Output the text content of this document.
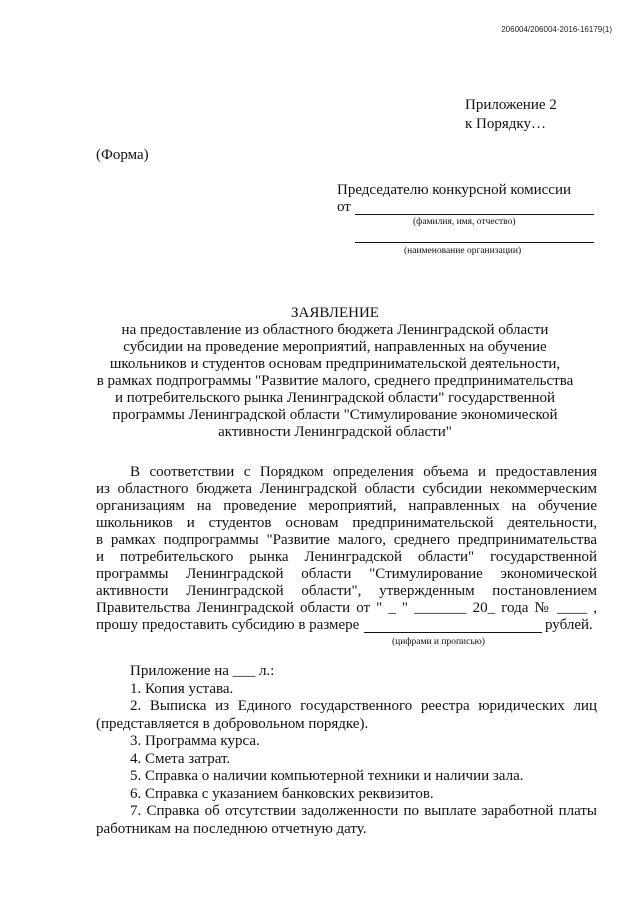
206004/206004-2016-16179(1)
Приложение 2
к Порядку…
(Форма)
Председателю конкурсной комиссии
от
(фамилия, имя, отчество)
(наименование организации)
ЗАЯВЛЕНИЕ
на предоставление из областного бюджета Ленинградской области
субсидии на проведение мероприятий, направленных на обучение
школьников и студентов основам предпринимательской деятельности,
в рамках подпрограммы "Развитие малого, среднего предпринимательства
и потребительского рынка Ленинградской области" государственной
программы Ленинградской области "Стимулирование экономической
активности Ленинградской области"
В соответствии с Порядком определения объема и предоставления
из областного бюджета Ленинградской области субсидии некоммерческим
организациям на проведение мероприятий, направленных на обучение
школьников и студентов основам предпринимательской деятельности,
в рамках подпрограммы "Развитие малого, среднего предпринимательства
и потребительского рынка Ленинградской области" государственной
программы Ленинградской области "Стимулирование экономической
активности Ленинградской области", утвержденным постановлением
Правительства Ленинградской области от " _ " _______ 20_ года № ____ ,
прошу предоставить субсидию в размере	рублей.
(цифрами и прописью)
Приложение на ___ л.:
1. Копия устава.
2. Выписка из Единого государственного реестра юридических лиц
(представляется в добровольном порядке).
3. Программа курса.
4. Смета затрат.
5. Справка о наличии компьютерной техники и наличии зала.
6. Справка с указанием банковских реквизитов.
7. Справка об отсутствии задолженности по выплате заработной платы
работникам на последнюю отчетную дату.
